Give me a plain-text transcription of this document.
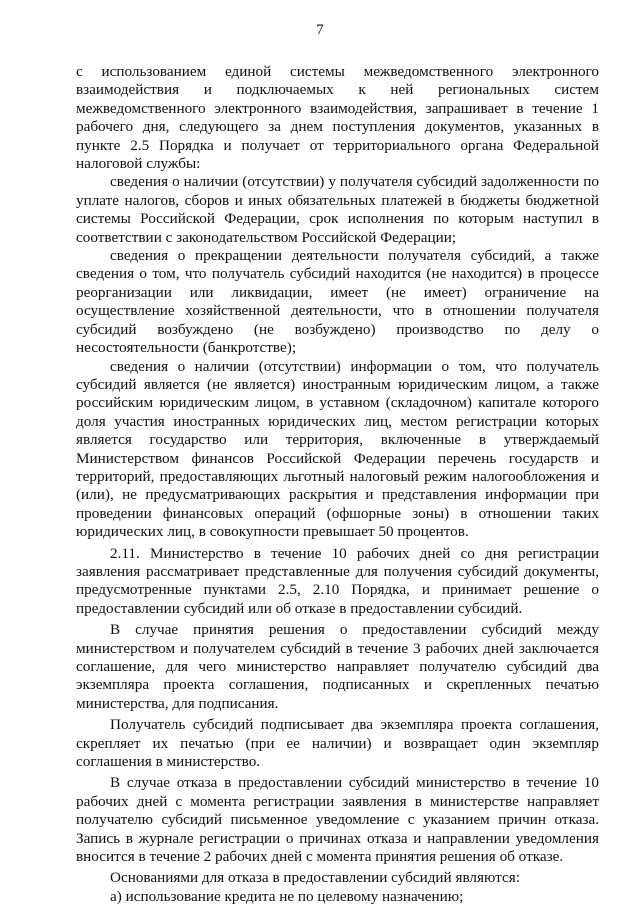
7

с использованием единой системы межведомственного электронного взаимодействия и подключаемых к ней региональных систем межведомственного электронного взаимодействия, запрашивает в течение 1 рабочего дня, следующего за днем поступления документов, указанных в пункте 2.5 Порядка и получает от территориального органа Федеральной налоговой службы:

сведения о наличии (отсутствии) у получателя субсидий задолженности по уплате налогов, сборов и иных обязательных платежей в бюджеты бюджетной системы Российской Федерации, срок исполнения по которым наступил в соответствии с законодательством Российской Федерации;

сведения о прекращении деятельности получателя субсидий, а также сведения о том, что получатель субсидий находится (не находится) в процессе реорганизации или ликвидации, имеет (не имеет) ограничение на осуществление хозяйственной деятельности, что в отношении получателя субсидий возбуждено (не возбуждено) производство по делу о несостоятельности (банкротстве);

сведения о наличии (отсутствии) информации о том, что получатель субсидий является (не является) иностранным юридическим лицом, а также российским юридическим лицом, в уставном (складочном) капитале которого доля участия иностранных юридических лиц, местом регистрации которых является государство или территория, включенные в утверждаемый Министерством финансов Российской Федерации перечень государств и территорий, предоставляющих льготный налоговый режим налогообложения и (или), не предусматривающих раскрытия и представления информации при проведении финансовых операций (офшорные зоны) в отношении таких юридических лиц, в совокупности превышает 50 процентов.

2.11. Министерство в течение 10 рабочих дней со дня регистрации заявления рассматривает представленные для получения субсидий документы, предусмотренные пунктами 2.5, 2.10 Порядка, и принимает решение о предоставлении субсидий или об отказе в предоставлении субсидий.

В случае принятия решения о предоставлении субсидий между министерством и получателем субсидий в течение 3 рабочих дней заключается соглашение, для чего министерство направляет получателю субсидий два экземпляра проекта соглашения, подписанных и скрепленных печатью министерства, для подписания.

Получатель субсидий подписывает два экземпляра проекта соглашения, скрепляет их печатью (при ее наличии) и возвращает один экземпляр соглашения в министерство.

В случае отказа в предоставлении субсидий министерство в течение 10 рабочих дней с момента регистрации заявления в министерстве направляет получателю субсидий письменное уведомление с указанием причин отказа. Запись в журнале регистрации о причинах отказа и направлении уведомления вносится в течение 2 рабочих дней с момента принятия решения об отказе.

Основаниями для отказа в предоставлении субсидий являются:

а) использование кредита не по целевому назначению;
